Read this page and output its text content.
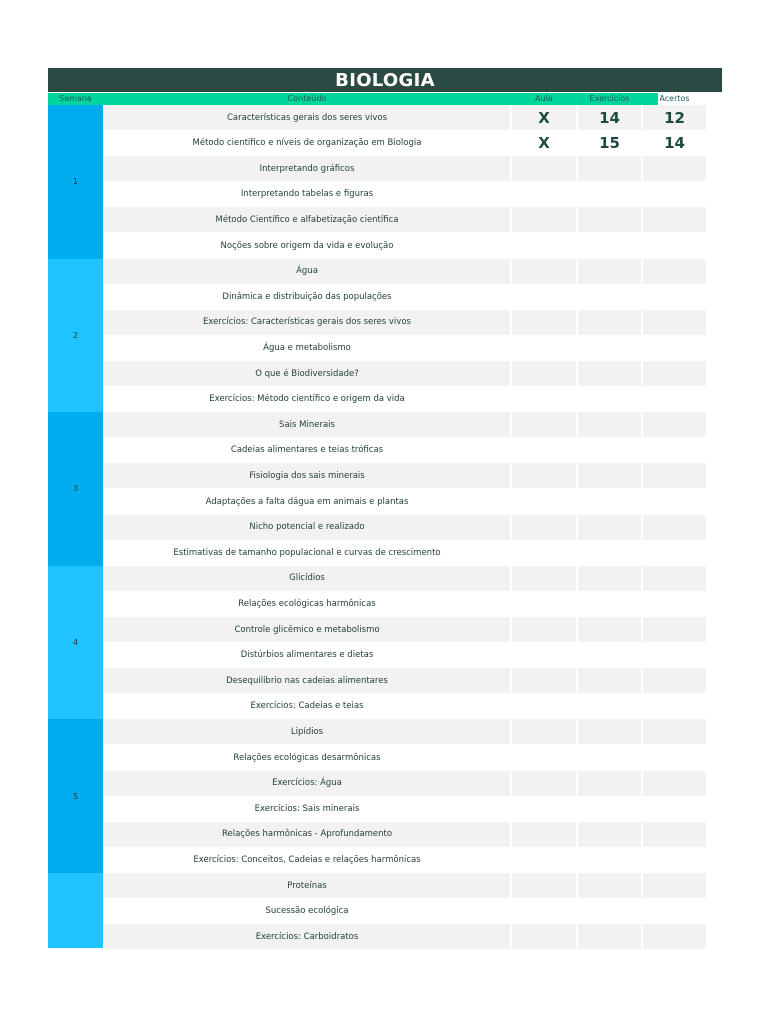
BIOLOGIA
Semana	Conteúdo	Aula	Exercícios	Acertos
1
Características gerais dos seres vivos	X	14	12
Método científico e níveis de organização em Biologia	X	15	14
Interpretando gráficos
Interpretando tabelas e figuras
Método Científico e alfabetização científica
Noções sobre origem da vida e evolução
2
Água
Dinâmica e distribuição das populações
Exercícios: Características gerais dos seres vivos
Água e metabolismo
O que é Biodiversidade?
Exercícios: Método científico e origem da vida
3
Sais Minerais
Cadeias alimentares e teias tróficas
Fisiologia dos sais minerais
Adaptações a falta dágua em animais e plantas
Nicho potencial e realizado
Estimativas de tamanho populacional e curvas de crescimento
4
Glicídios
Relações ecológicas harmônicas
Controle glicêmico e metabolismo
Distúrbios alimentares e dietas
Desequilíbrio nas cadeias alimentares
Exercícios: Cadeias e teias
5
Lipídios
Relações ecológicas desarmônicas
Exercícios: Água
Exercícios: Sais minerais
Relações harmônicas - Aprofundamento
Exercícios: Conceitos, Cadeias e relações harmônicas
Proteínas
Sucessão ecológica
Exercícios: Carboidratos
